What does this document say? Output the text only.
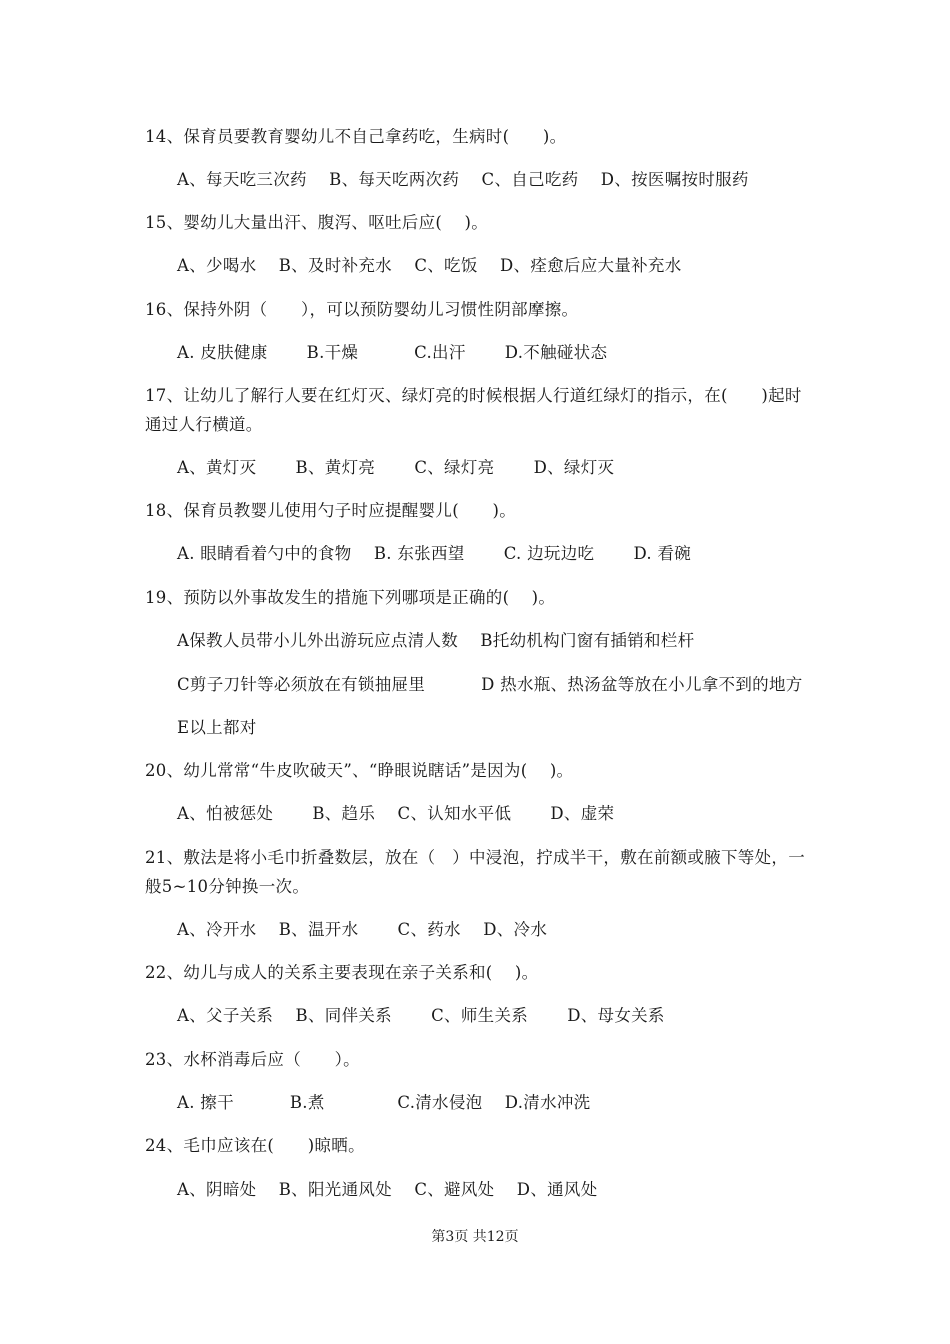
14、保育员要教育婴幼儿不自己拿药吃，生病时(　　)。
A、每天吃三次药　 B、每天吃两次药　 C、自己吃药　 D、按医嘱按时服药
15、婴幼儿大量出汗、腹泻、呕吐后应(　 )。
A、少喝水　 B、及时补充水　 C、吃饭　 D、痊愈后应大量补充水
16、保持外阴（　　），可以预防婴幼儿习惯性阴部摩擦。
A. 皮肤健康　　 B.干燥　　　 C.出汗　　 D.不触碰状态
17、让幼儿了解行人要在红灯灭、绿灯亮的时候根据人行道红绿灯的指示，在(　　)起时
通过人行横道。
A、黄灯灭　　 B、黄灯亮　　 C、绿灯亮　　 D、绿灯灭
18、保育员教婴儿使用勺子时应提醒婴儿(　　)。
A. 眼睛看着勺中的食物　 B. 东张西望　　 C. 边玩边吃　　 D. 看碗
19、预防以外事故发生的措施下列哪项是正确的(　 )。
A保教人员带小儿外出游玩应点清人数　 B托幼机构门窗有插销和栏杆
C剪子刀针等必须放在有锁抽屉里　　　 D 热水瓶、热汤盆等放在小儿拿不到的地方
E以上都对
20、幼儿常常“牛皮吹破天”、“睁眼说瞎话”是因为(　 )。
A、怕被惩处　　 B、趋乐　 C、认知水平低　　 D、虚荣
21、敷法是将小毛巾折叠数层，放在（　）中浸泡，拧成半干，敷在前额或腋下等处，一
般5~10分钟换一次。
A、冷开水　 B、温开水　　 C、药水　 D、冷水
22、幼儿与成人的关系主要表现在亲子关系和(　 )。
A、父子关系　 B、同伴关系　　 C、师生关系　　 D、母女关系
23、水杯消毒后应（　　）。
A. 擦干　　　 B.煮　　　　 C.清水侵泡　 D.清水冲洗
24、毛巾应该在(　　)晾晒。
A、阴暗处　 B、阳光通风处　 C、避风处　 D、通风处
第3页 共12页
